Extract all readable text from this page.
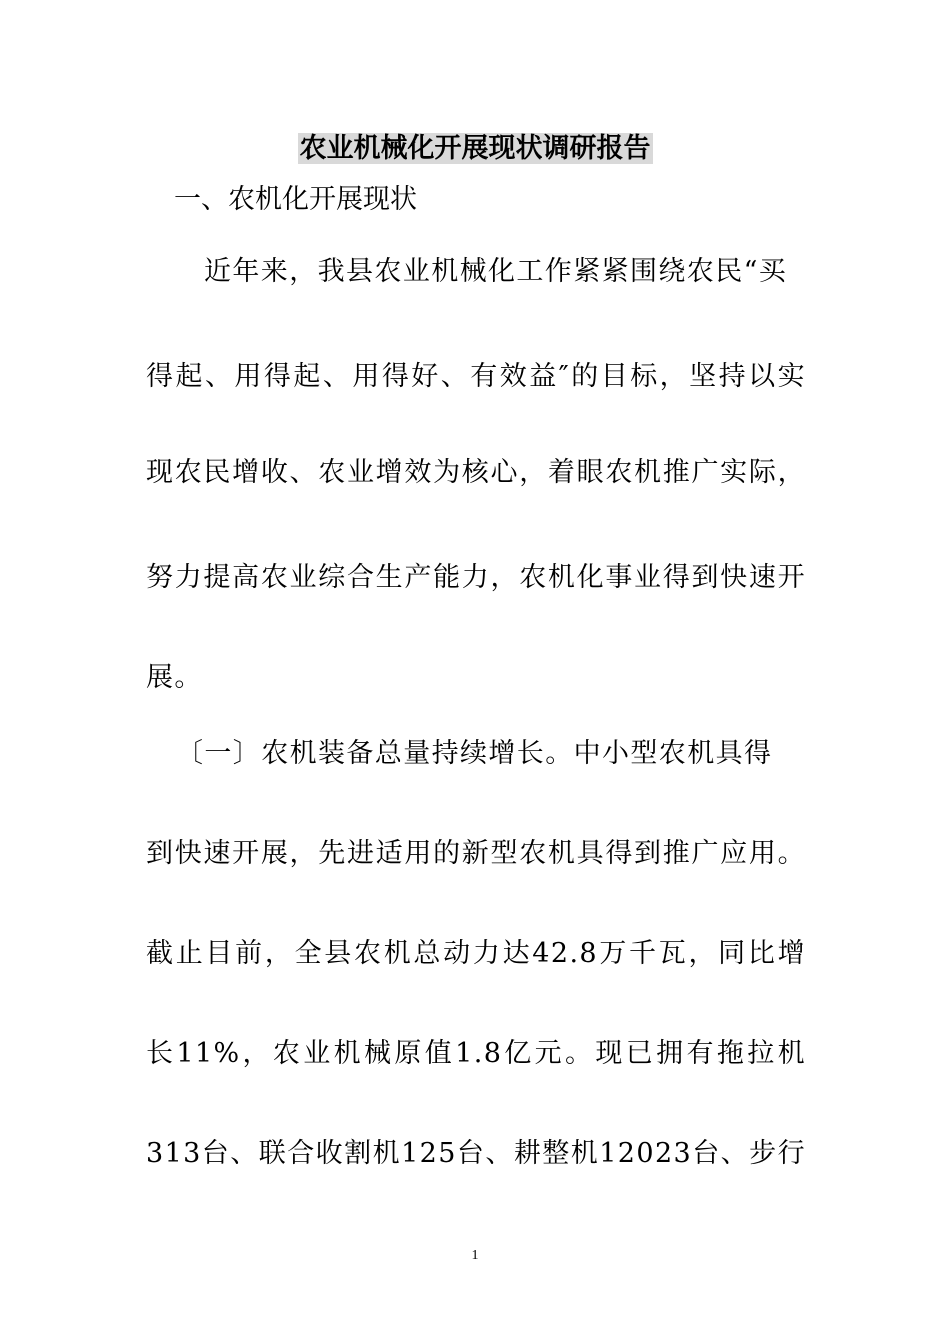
农业机械化开展现状调研报告

一、农机化开展现状

近年来，我县农业机械化工作紧紧围绕农民“买

得起、用得起、用得好、有效益″的目标，坚持以实

现农民增收、农业增效为核心，着眼农机推广实际，

努力提高农业综合生产能力，农机化事业得到快速开

展。

〔一〕农机装备总量持续增长。中小型农机具得

到快速开展，先进适用的新型农机具得到推广应用。

截止目前，全县农机总动力达42.8万千瓦，同比增

长11%，农业机械原值1.8亿元。现已拥有拖拉机

313台、联合收割机125台、耕整机12023台、步行

1
